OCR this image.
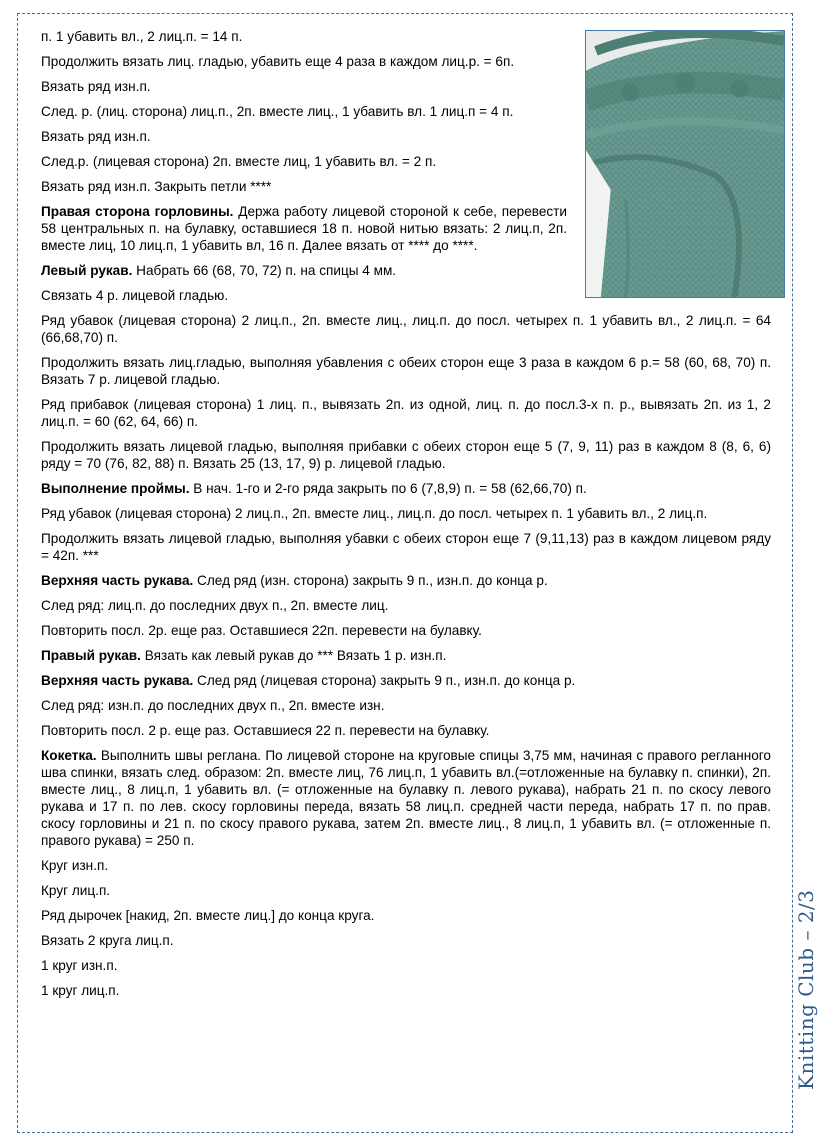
п. 1 убавить вл., 2 лиц.п. = 14 п.

Продолжить вязать лиц. гладью, убавить еще 4 раза в каждом лиц.р. = 6п.

Вязать ряд изн.п.

След. р. (лиц. сторона) лиц.п., 2п. вместе лиц., 1 убавить вл. 1 лиц.п = 4 п.

Вязать ряд изн.п.

След.р. (лицевая сторона) 2п. вместе лиц, 1 убавить вл. = 2 п.

Вязать ряд изн.п. Закрыть петли ****

Правая сторона горловины. Держа работу лицевой стороной к себе, перевести 58 центральных п. на булавку, оставшиеся 18 п. новой нитью вязать: 2 лиц.п, 2п. вместе лиц, 10 лиц.п, 1 убавить вл, 16 п. Далее вязать от **** до ****.

Левый рукав. Набрать 66 (68, 70, 72) п. на спицы 4 мм.

Связать 4 р. лицевой гладью.

Ряд убавок (лицевая сторона) 2 лиц.п., 2п. вместе лиц., лиц.п. до посл. четырех п. 1 убавить вл., 2 лиц.п. = 64 (66,68,70) п.

Продолжить вязать лиц.гладью, выполняя убавления с обеих сторон еще 3 раза в каждом 6 р.= 58 (60, 68, 70) п. Вязать 7 р. лицевой гладью.

Ряд прибавок (лицевая сторона) 1 лиц. п., вывязать 2п. из одной, лиц. п. до посл.3-х п. р., вывязать 2п. из 1, 2 лиц.п. = 60 (62, 64, 66) п.

Продолжить вязать лицевой гладью, выполняя прибавки с обеих сторон еще 5 (7, 9, 11) раз в каждом 8 (8, 6, 6) ряду = 70 (76, 82, 88) п. Вязать 25 (13, 17, 9) р. лицевой гладью.

Выполнение проймы. В нач. 1-го и 2-го ряда закрыть по 6 (7,8,9) п. = 58 (62,66,70) п.

Ряд убавок (лицевая сторона) 2 лиц.п., 2п. вместе лиц., лиц.п. до посл. четырех п. 1 убавить вл., 2 лиц.п.

Продолжить вязать лицевой гладью, выполняя убавки с обеих сторон еще 7 (9,11,13) раз в каждом лицевом ряду = 42п. ***

Верхняя часть рукава. След ряд (изн. сторона) закрыть 9 п., изн.п. до конца р.

След ряд: лиц.п. до последних двух п., 2п. вместе лиц.

Повторить посл. 2р. еще раз. Оставшиеся 22п. перевести на булавку.

Правый рукав. Вязать как левый рукав до *** Вязать 1 р. изн.п.

Верхняя часть рукава. След ряд (лицевая сторона) закрыть 9 п., изн.п. до конца р.

След ряд: изн.п. до последних двух п., 2п. вместе изн.

Повторить посл. 2 р. еще раз. Оставшиеся 22 п. перевести на булавку.

Кокетка. Выполнить швы реглана. По лицевой стороне на круговые спицы 3,75 мм, начиная с правого регланного шва спинки, вязать след. образом: 2п. вместе лиц, 76 лиц.п, 1 убавить вл.(=отложенные на булавку п. спинки), 2п. вместе лиц., 8 лиц.п, 1 убавить вл. (= отложенные на булавку п. левого рукава), набрать 21 п. по скосу левого рукава и 17 п. по лев. скосу горловины переда, вязать 58 лиц.п. средней части переда, набрать 17 п. по прав. скосу горловины и 21 п. по скосу правого рукава, затем 2п. вместе лиц., 8 лиц.п, 1 убавить вл. (= отложенные п. правого рукава) = 250 п.

Круг изн.п.

Круг лиц.п.

Ряд дырочек [накид, 2п. вместе лиц.] до конца круга.

Вязать 2 круга лиц.п.

1 круг изн.п.

1 круг лиц.п.	Knitting Club – 2/3
